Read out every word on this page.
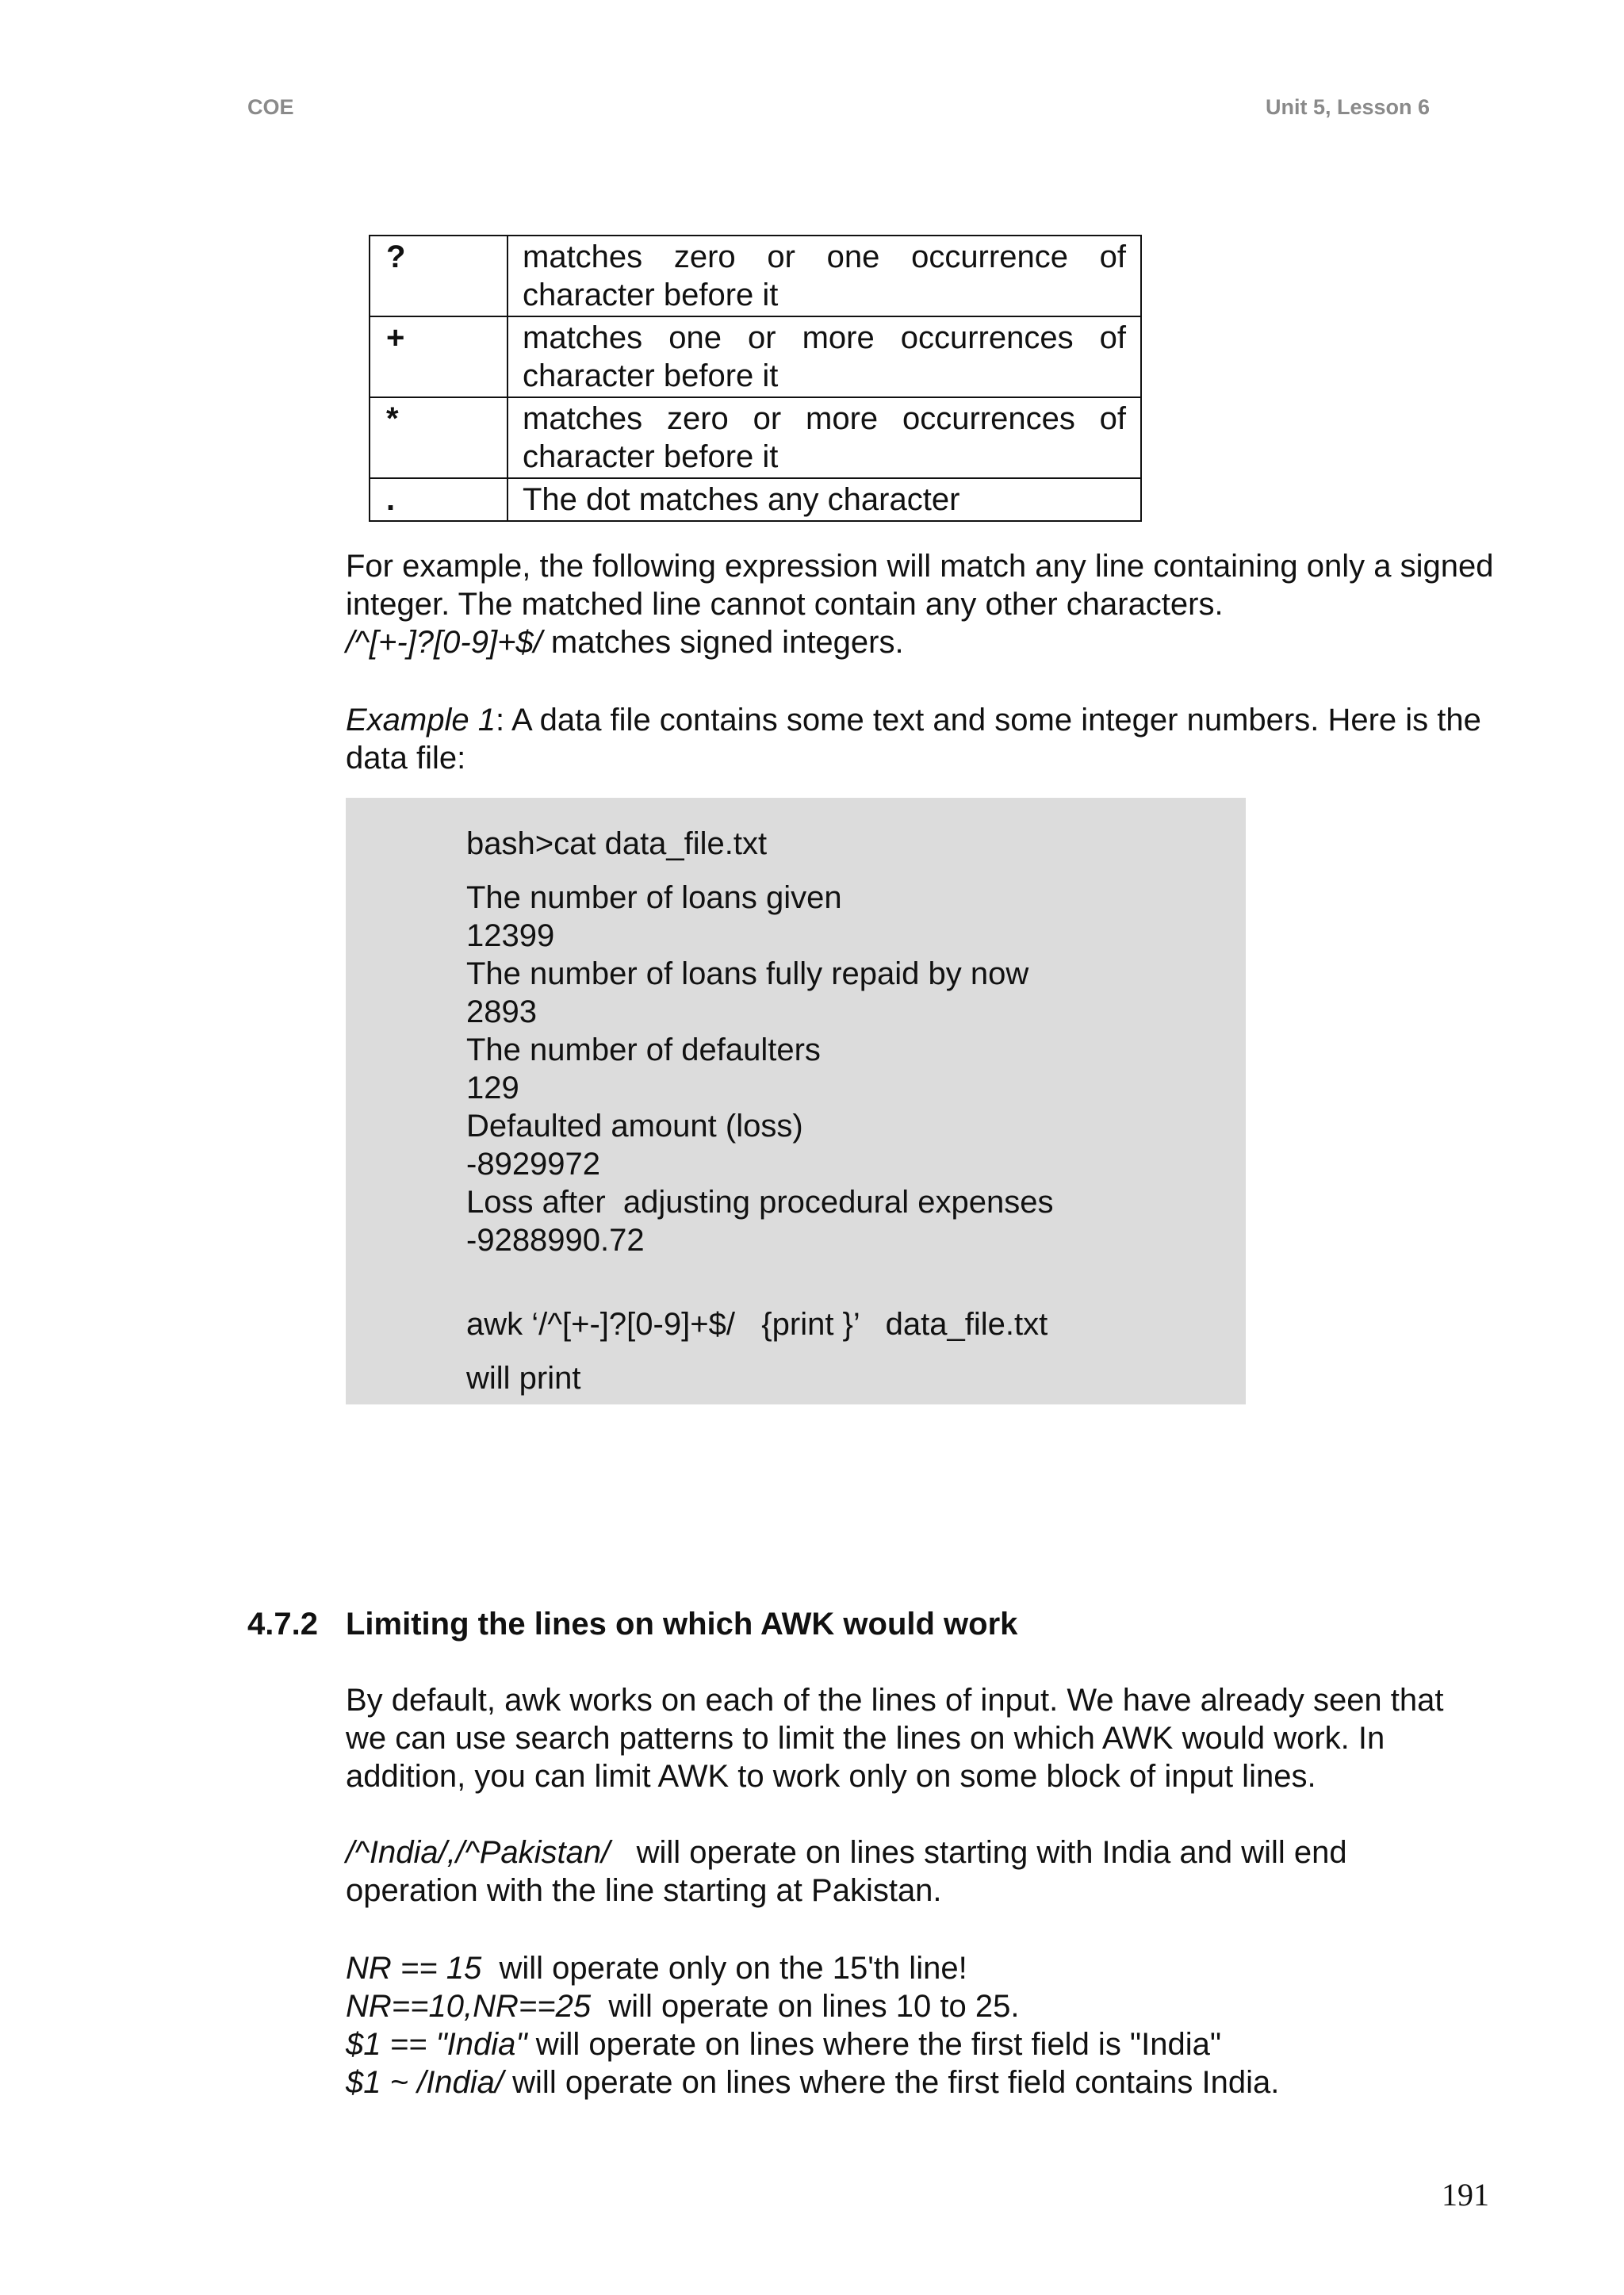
COE	Unit 5, Lesson 6
?	matches zero or one occurrence of character before it
+	matches one or more occurrences of character before it
*	matches zero or more occurrences of character before it
.	The dot matches any character

For example, the following expression will match any line containing only a signed integer. The matched line cannot contain any other characters.

/^[+-]?[0-9]+$/ matches signed integers.

Example 1: A data file contains some text and some integer numbers. Here is the data file:

bash>cat data_file.txt
The number of loans given
12399
The number of loans fully repaid by now
2893
The number of defaulters
129
Defaulted amount (loss)
-8929972
Loss after  adjusting procedural expenses
-9288990.72
awk ‘/^[+-]?[0-9]+$/   {print }’   data_file.txt
will print
4.7.2 Limiting the lines on which AWK would work

By default, awk works on each of the lines of input. We have already seen that we can use search patterns to limit the lines on which AWK would work. In addition, you can limit AWK to work only on some block of input lines.

/^India/,/^Pakistan/   will operate on lines starting with India and will end operation with the line starting at Pakistan.

NR == 15  will operate only on the 15'th line!

NR==10,NR==25  will operate on lines 10 to 25.

$1 == "India" will operate on lines where the first field is "India"

$1 ~ /India/ will operate on lines where the first field contains India.

191
